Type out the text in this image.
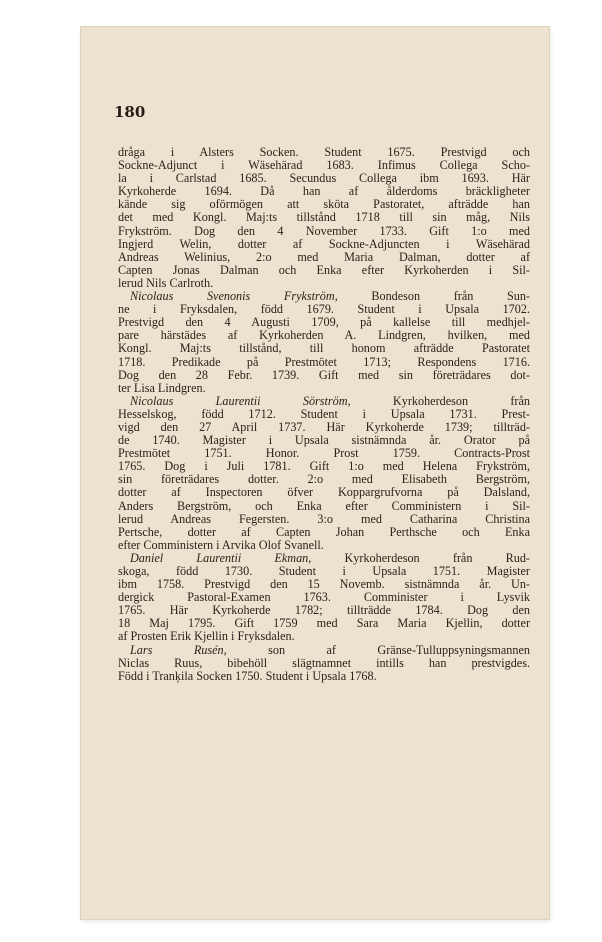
180
dråga i Alsters Socken. Student 1675. Prestvigd och
Socknе-Adjunct i Wäsehärad 1683. Infimus Collega Scho-
la i Carlstad 1685. Secundus Collega ibm 1693. Här
Kyrkoherde 1694. Då han af ålderdoms bräckligheter
kände sig oförmögen att sköta Pastoratet, afträdde han
det med Kongl. Maj:ts tillstånd 1718 till sin måg, Nils
Frykström. Dog den 4 November 1733. Gift 1:o med
Ingjerd Welin, dotter af Sockne-Adjuncten i Wäsehärad
Andreas Welinius, 2:o med Maria Dalman, dotter af
Capten Jonas Dalman och Enka efter Kyrkoherden i Sil-
lerud Nils Carlroth.
Nicolaus Svenonis Frykström, Bondeson från Sun-
ne i Fryksdalen, född 1679. Student i Upsala 1702.
Prestvigd den 4 Augusti 1709, på kallelse till medhjel-
pare härstädes af Kyrkoherden A. Lindgren, hvilken, med
Kongl. Maj:ts tillstånd, till honom afträdde Pastoratet
1718. Predikade på Prestmötet 1713; Respondens 1716.
Dog den 28 Febr. 1739. Gift med sin företrädares dot-
ter Lisa Lindgren.
Nicolaus Laurentii Sörström, Kyrkoherdeson från
Hesselskog, född 1712. Student i Upsala 1731. Prest-
vigd den 27 April 1737. Här Kyrkoherde 1739; tillträd-
de 1740. Magister i Upsala sistnämnda år. Orator på
Prestmötet 1751. Honor. Prost 1759. Contracts-Prost
1765. Dog i Juli 1781. Gift 1:o med Helena Frykström,
sin företrädares dotter. 2:o med Elisabeth Bergström,
dotter af Inspectoren öfver Koppargrufvorna på Dalsland,
Anders Bergström, och Enka efter Comministern i Sil-
lerud Andreas Fegersten. 3:o med Catharina Christina
Pertsche, dotter af Capten Johan Perthsche och Enka
efter Comministern i Arvika Olof Svanell.
Daniel Laurentii Ekman, Kyrkoherdeson från Rud-
skoga, född 1730. Student i Upsala 1751. Magister
ibm 1758. Prestvigd den 15 Novemb. sistnämnda år. Un-
dergick Pastoral-Examen 1763. Comminister i Lysvik
1765. Här Kyrkoherde 1782; tillträdde 1784. Dog den
18 Maj 1795. Gift 1759 med Sara Maria Kjellin, dotter
af Prosten Erik Kjellin i Fryksdalen.
Lars Rusén, son af Gränse-Tulluppsyningsmannen
Niclas Ruus, bibehöll slägtnamnet intills han prestvigdes.
Född i Tranķila Socken 1750. Student i Upsala 1768.
